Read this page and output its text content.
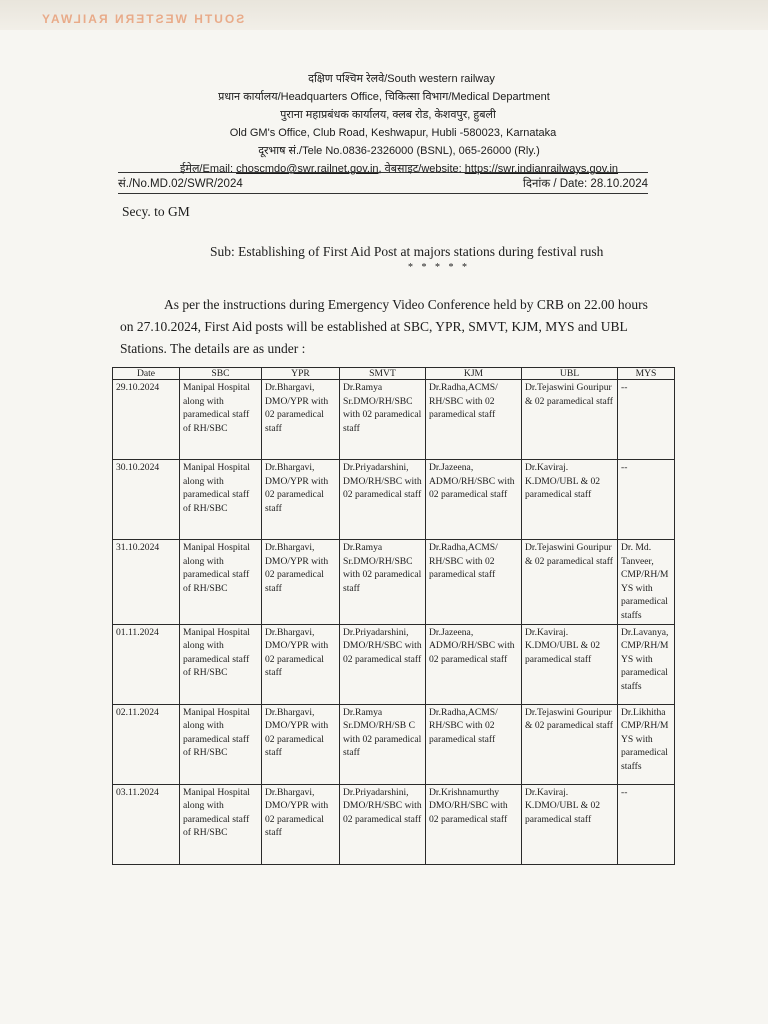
SOUTH WESTERN RAILWAY
दक्षिण पश्चिम रेलवे/South western railway
प्रधान कार्यालय/Headquarters Office, चिकित्सा विभाग/Medical Department
पुराना महाप्रबंधक कार्यालय, क्लब रोड, केशवपुर, हुबली
Old GM's Office, Club Road, Keshwapur, Hubli -580023, Karnataka
दूरभाष सं./Tele No.0836-2326000 (BSNL), 065-26000 (Rly.)
ईमेल/Email: choscmdo@swr.railnet.gov.in, वेबसाइट/website: https://swr.indianrailways.gov.in
सं./No.MD.02/SWR/2024	दिनांक / Date: 28.10.2024
Secy. to GM
Sub: Establishing of First Aid Post at majors stations during festival rush
* * * * *
As per the instructions during Emergency Video Conference held by CRB on 22.00 hours on 27.10.2024, First Aid posts will be established at SBC, YPR, SMVT, KJM, MYS and UBL Stations. The details are as under :
Date	SBC	YPR	SMVT	KJM	UBL	MYS
29.10.2024	Manipal Hospital along with paramedical staff of RH/SBC	Dr.Bhargavi, DMO/YPR with 02 paramedical staff	Dr.Ramya Sr.DMO/RH/SBC with 02 paramedical staff	Dr.Radha,ACMS/ RH/SBC with 02 paramedical staff	Dr.Tejaswini Gouripur & 02 paramedical staff	--
30.10.2024	Manipal Hospital along with paramedical staff of RH/SBC	Dr.Bhargavi, DMO/YPR with 02 paramedical staff	Dr.Priyadarshini, DMO/RH/SBC with 02 paramedical staff	Dr.Jazeena, ADMO/RH/SBC with 02 paramedical staff	Dr.Kaviraj. K.DMO/UBL & 02 paramedical staff	--
31.10.2024	Manipal Hospital along with paramedical staff of RH/SBC	Dr.Bhargavi, DMO/YPR with 02 paramedical staff	Dr.Ramya Sr.DMO/RH/SBC with 02 paramedical staff	Dr.Radha,ACMS/ RH/SBC with 02 paramedical staff	Dr.Tejaswini Gouripur & 02 paramedical staff	Dr. Md. Tanveer, CMP/RH/MYS with paramedical staffs
01.11.2024	Manipal Hospital along with paramedical staff of RH/SBC	Dr.Bhargavi, DMO/YPR with 02 paramedical staff	Dr.Priyadarshini, DMO/RH/SBC with 02 paramedical staff	Dr.Jazeena, ADMO/RH/SBC with 02 paramedical staff	Dr.Kaviraj. K.DMO/UBL & 02 paramedical staff	Dr.Lavanya, CMP/RH/MYS with paramedical staffs
02.11.2024	Manipal Hospital along with paramedical staff of RH/SBC	Dr.Bhargavi, DMO/YPR with 02 paramedical staff	Dr.Ramya Sr.DMO/RH/SB C with 02 paramedical staff	Dr.Radha,ACMS/ RH/SBC with 02 paramedical staff	Dr.Tejaswini Gouripur & 02 paramedical staff	Dr.Likhitha CMP/RH/MYS with paramedical staffs
03.11.2024	Manipal Hospital along with paramedical staff of RH/SBC	Dr.Bhargavi, DMO/YPR with 02 paramedical staff	Dr.Priyadarshini, DMO/RH/SBC with 02 paramedical staff	Dr.Krishnamurthy DMO/RH/SBC with 02 paramedical staff	Dr.Kaviraj. K.DMO/UBL & 02 paramedical staff	--
